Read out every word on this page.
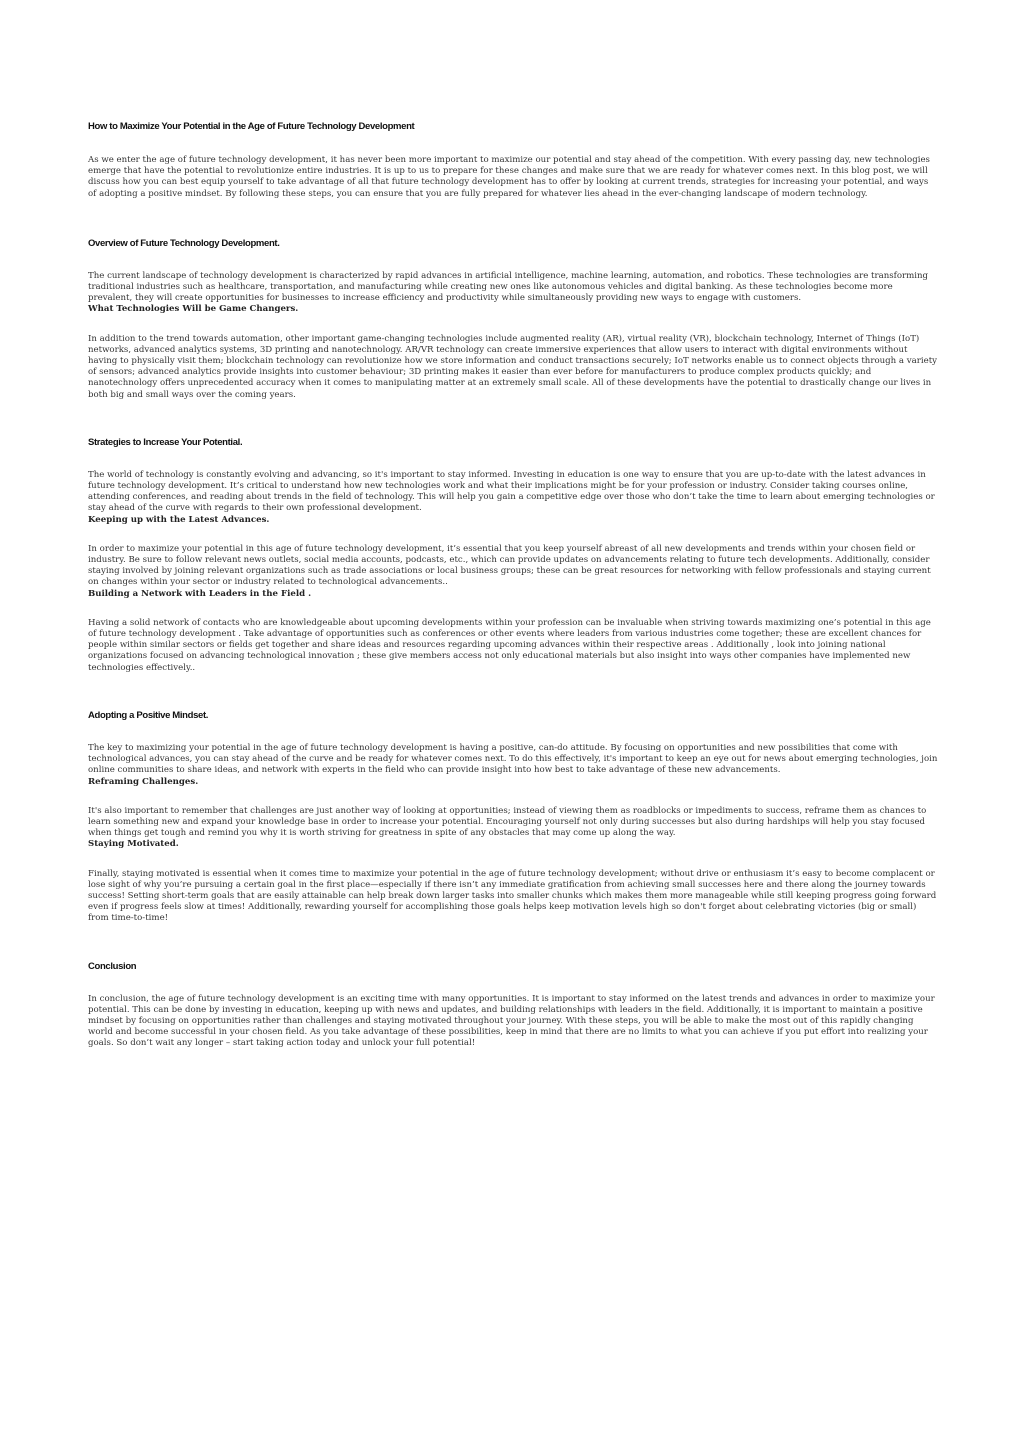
How to Maximize Your Potential in the Age of Future Technology Development

As we enter the age of future technology development, it has never been more important to maximize our potential and stay ahead of the competition. With every passing day, new technologies emerge that have the potential to revolutionize entire industries. It is up to us to prepare for these changes and make sure that we are ready for whatever comes next. In this blog post, we will discuss how you can best equip yourself to take advantage of all that future technology development has to offer by looking at current trends, strategies for increasing your potential, and ways of adopting a positive mindset. By following these steps, you can ensure that you are fully prepared for whatever lies ahead in the ever-changing landscape of modern technology.

Overview of Future Technology Development.

The current landscape of technology development is characterized by rapid advances in artificial intelligence, machine learning, automation, and robotics. These technologies are transforming traditional industries such as healthcare, transportation, and manufacturing while creating new ones like autonomous vehicles and digital banking. As these technologies become more prevalent, they will create opportunities for businesses to increase efficiency and productivity while simultaneously providing new ways to engage with customers.
What Technologies Will be Game Changers.

In addition to the trend towards automation, other important game-changing technologies include augmented reality (AR), virtual reality (VR), blockchain technology, Internet of Things (IoT) networks, advanced analytics systems, 3D printing and nanotechnology. AR/VR technology can create immersive experiences that allow users to interact with digital environments without having to physically visit them; blockchain technology can revolutionize how we store information and conduct transactions securely; IoT networks enable us to connect objects through a variety of sensors; advanced analytics provide insights into customer behaviour; 3D printing makes it easier than ever before for manufacturers to produce complex products quickly; and nanotechnology offers unprecedented accuracy when it comes to manipulating matter at an extremely small scale. All of these developments have the potential to drastically change our lives in both big and small ways over the coming years.

Strategies to Increase Your Potential.

The world of technology is constantly evolving and advancing, so it's important to stay informed. Investing in education is one way to ensure that you are up-to-date with the latest advances in future technology development. It’s critical to understand how new technologies work and what their implications might be for your profession or industry. Consider taking courses online, attending conferences, and reading about trends in the field of technology. This will help you gain a competitive edge over those who don’t take the time to learn about emerging technologies or stay ahead of the curve with regards to their own professional development.
Keeping up with the Latest Advances.

In order to maximize your potential in this age of future technology development, it’s essential that you keep yourself abreast of all new developments and trends within your chosen field or industry. Be sure to follow relevant news outlets, social media accounts, podcasts, etc., which can provide updates on advancements relating to future tech developments. Additionally, consider staying involved by joining relevant organizations such as trade associations or local business groups; these can be great resources for networking with fellow professionals and staying current on changes within your sector or industry related to technological advancements..
Building a Network with Leaders in the Field .

Having a solid network of contacts who are knowledgeable about upcoming developments within your profession can be invaluable when striving towards maximizing one’s potential in this age of future technology development . Take advantage of opportunities such as conferences or other events where leaders from various industries come together; these are excellent chances for people within similar sectors or fields get together and share ideas and resources regarding upcoming advances within their respective areas . Additionally , look into joining national organizations focused on advancing technological innovation ; these give members access not only educational materials but also insight into ways other companies have implemented new technologies effectively..

Adopting a Positive Mindset.

The key to maximizing your potential in the age of future technology development is having a positive, can-do attitude. By focusing on opportunities and new possibilities that come with technological advances, you can stay ahead of the curve and be ready for whatever comes next. To do this effectively, it's important to keep an eye out for news about emerging technologies, join online communities to share ideas, and network with experts in the field who can provide insight into how best to take advantage of these new advancements.
Reframing Challenges.

It's also important to remember that challenges are just another way of looking at opportunities; instead of viewing them as roadblocks or impediments to success, reframe them as chances to learn something new and expand your knowledge base in order to increase your potential. Encouraging yourself not only during successes but also during hardships will help you stay focused when things get tough and remind you why it is worth striving for greatness in spite of any obstacles that may come up along the way.
Staying Motivated.

Finally, staying motivated is essential when it comes time to maximize your potential in the age of future technology development; without drive or enthusiasm it’s easy to become complacent or lose sight of why you’re pursuing a certain goal in the first place—especially if there isn’t any immediate gratification from achieving small successes here and there along the journey towards success! Setting short-term goals that are easily attainable can help break down larger tasks into smaller chunks which makes them more manageable while still keeping progress going forward even if progress feels slow at times! Additionally, rewarding yourself for accomplishing those goals helps keep motivation levels high so don't forget about celebrating victories (big or small) from time-to-time!

Conclusion

In conclusion, the age of future technology development is an exciting time with many opportunities. It is important to stay informed on the latest trends and advances in order to maximize your potential. This can be done by investing in education, keeping up with news and updates, and building relationships with leaders in the field. Additionally, it is important to maintain a positive mindset by focusing on opportunities rather than challenges and staying motivated throughout your journey. With these steps, you will be able to make the most out of this rapidly changing world and become successful in your chosen field. As you take advantage of these possibilities, keep in mind that there are no limits to what you can achieve if you put effort into realizing your goals. So don’t wait any longer – start taking action today and unlock your full potential!
